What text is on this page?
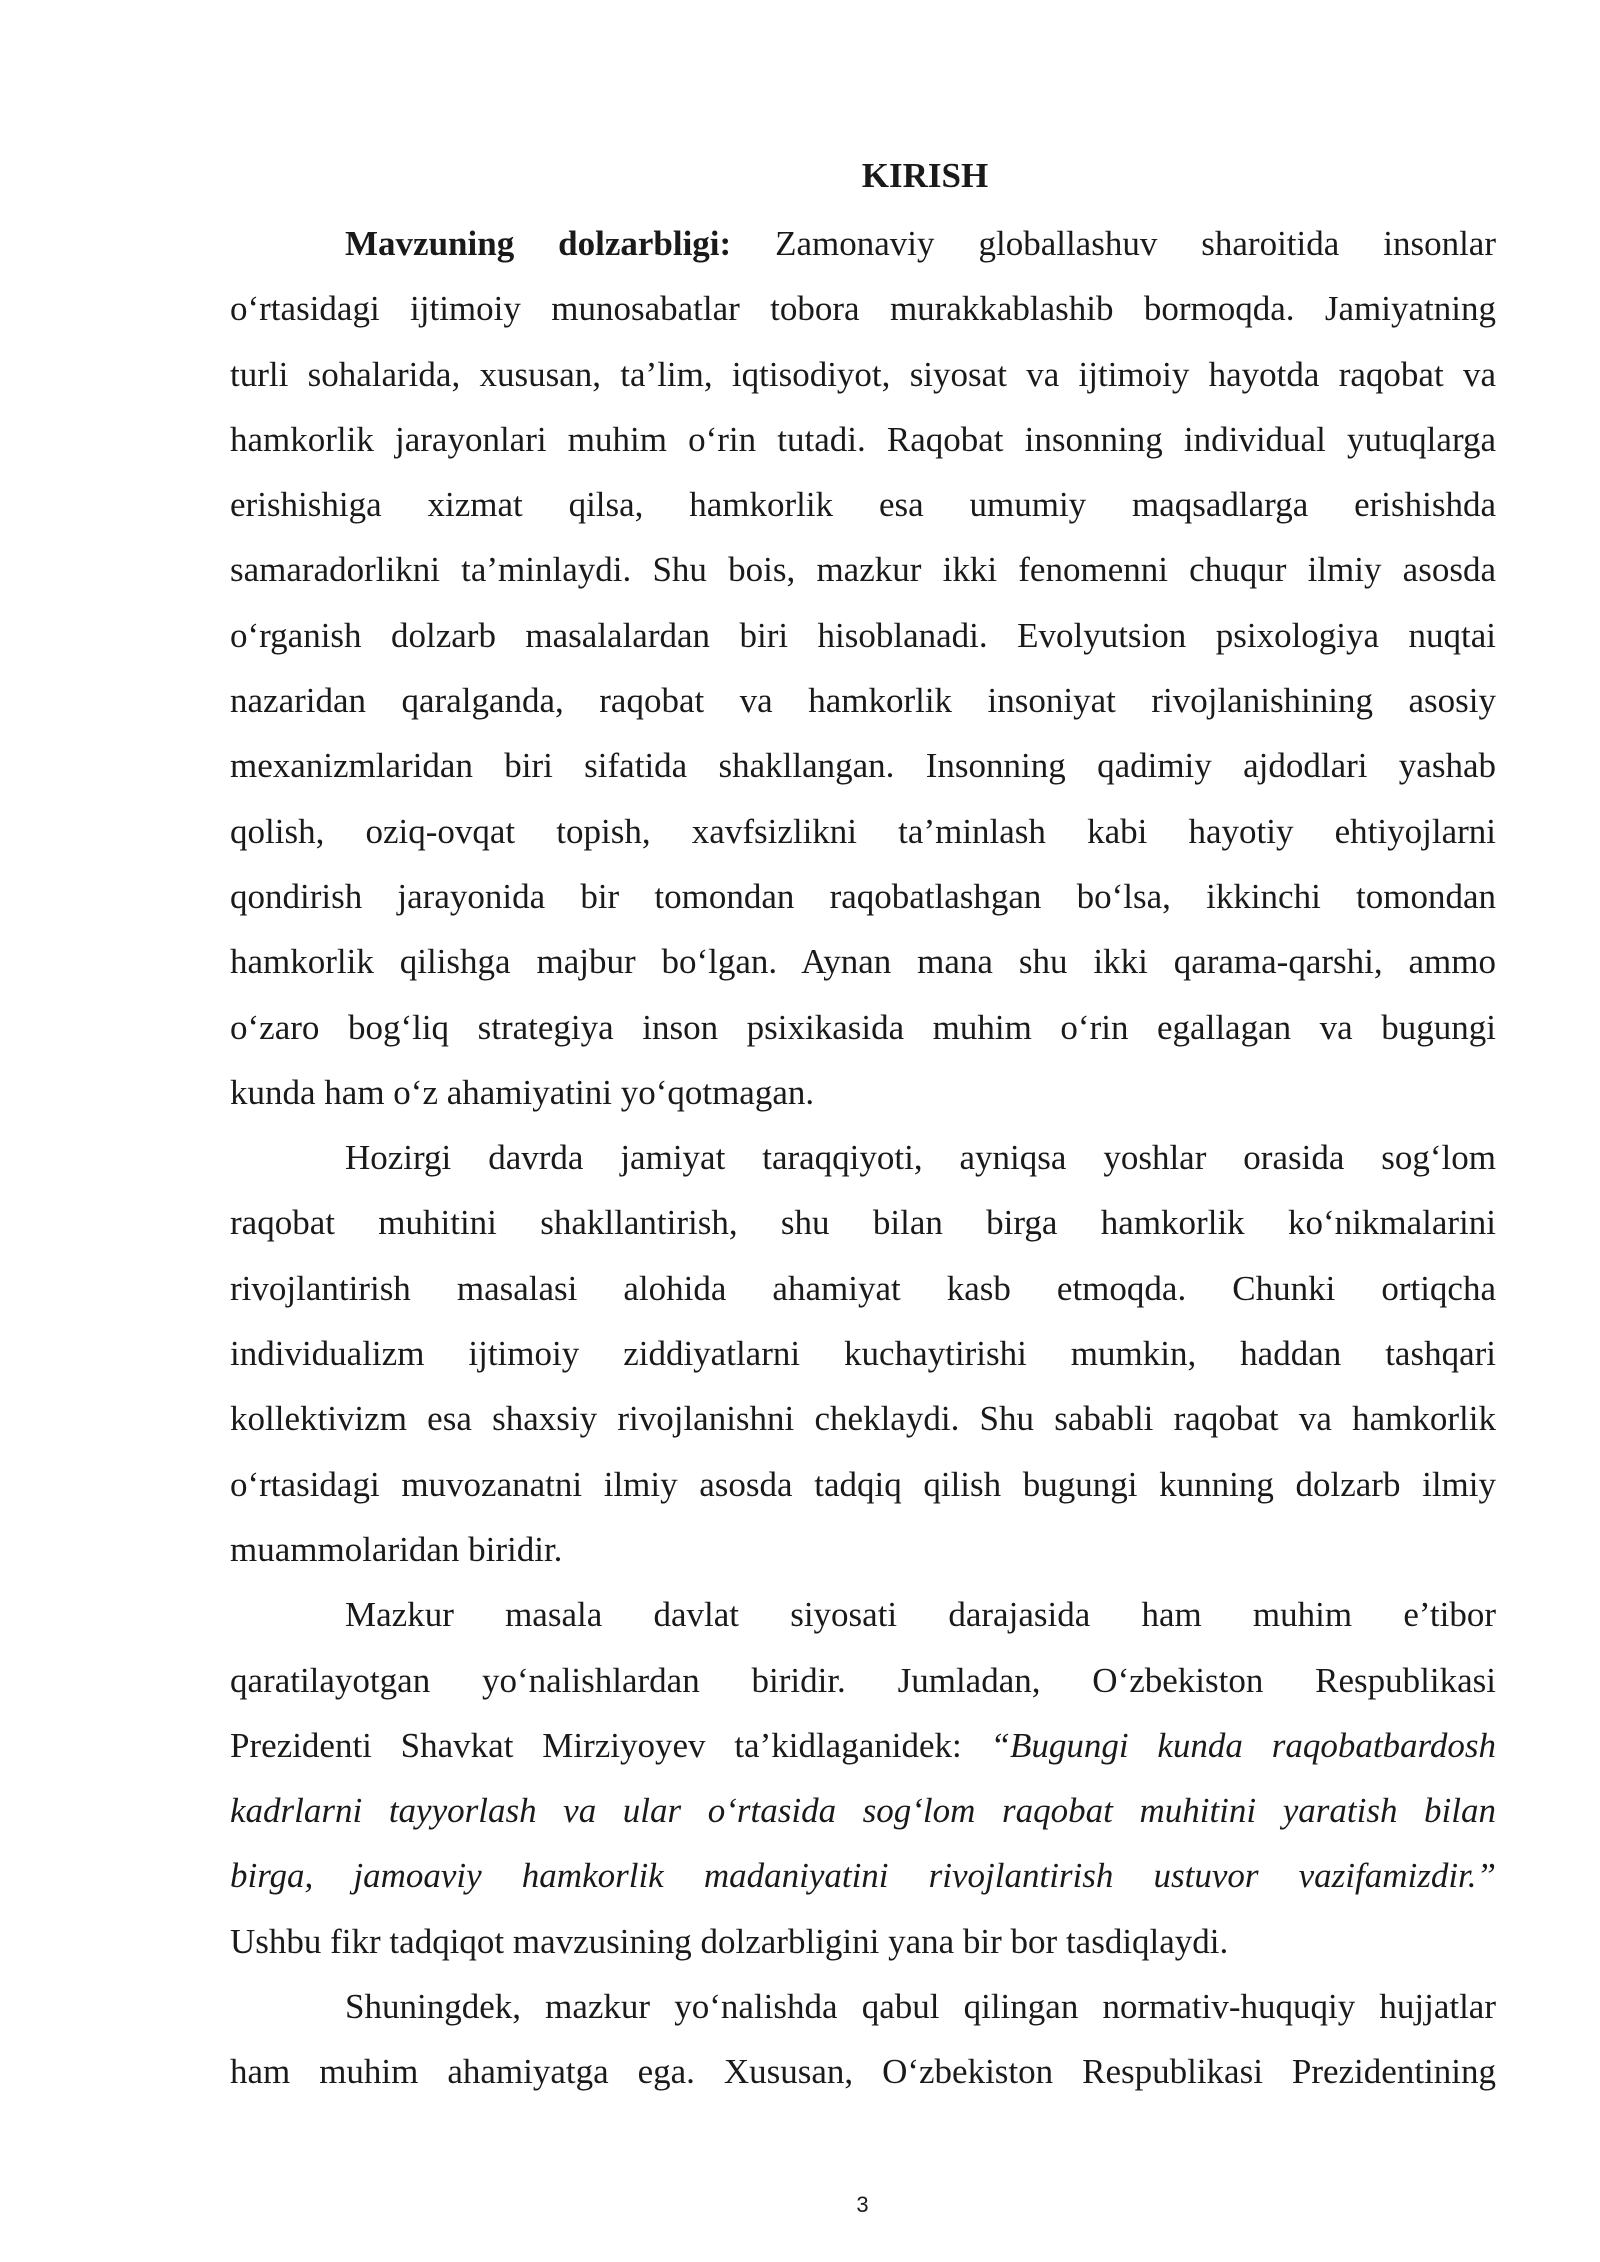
KIRISH
Mavzuning dolzarbligi: Zamonaviy globallashuv sharoitida insonlar
o‘rtasidagi ijtimoiy munosabatlar tobora murakkablashib bormoqda. Jamiyatning
turli sohalarida, xususan, ta’lim, iqtisodiyot, siyosat va ijtimoiy hayotda raqobat va
hamkorlik jarayonlari muhim o‘rin tutadi. Raqobat insonning individual yutuqlarga
erishishiga xizmat qilsa, hamkorlik esa umumiy maqsadlarga erishishda
samaradorlikni ta’minlaydi. Shu bois, mazkur ikki fenomenni chuqur ilmiy asosda
o‘rganish dolzarb masalalardan biri hisoblanadi. Evolyutsion psixologiya nuqtai
nazaridan qaralganda, raqobat va hamkorlik insoniyat rivojlanishining asosiy
mexanizmlaridan biri sifatida shakllangan. Insonning qadimiy ajdodlari yashab
qolish, oziq-ovqat topish, xavfsizlikni ta’minlash kabi hayotiy ehtiyojlarni
qondirish jarayonida bir tomondan raqobatlashgan bo‘lsa, ikkinchi tomondan
hamkorlik qilishga majbur bo‘lgan. Aynan mana shu ikki qarama-qarshi, ammo
o‘zaro bog‘liq strategiya inson psixikasida muhim o‘rin egallagan va bugungi
kunda ham o‘z ahamiyatini yo‘qotmagan.
Hozirgi davrda jamiyat taraqqiyoti, ayniqsa yoshlar orasida sog‘lom
raqobat muhitini shakllantirish, shu bilan birga hamkorlik ko‘nikmalarini
rivojlantirish masalasi alohida ahamiyat kasb etmoqda. Chunki ortiqcha
individualizm ijtimoiy ziddiyatlarni kuchaytirishi mumkin, haddan tashqari
kollektivizm esa shaxsiy rivojlanishni cheklaydi. Shu sababli raqobat va hamkorlik
o‘rtasidagi muvozanatni ilmiy asosda tadqiq qilish bugungi kunning dolzarb ilmiy
muammolaridan biridir.
Mazkur masala davlat siyosati darajasida ham muhim e’tibor
qaratilayotgan yo‘nalishlardan biridir. Jumladan, O‘zbekiston Respublikasi
Prezidenti Shavkat Mirziyoyev ta’kidlaganidek: “Bugungi kunda raqobatbardosh
kadrlarni tayyorlash va ular o‘rtasida sog‘lom raqobat muhitini yaratish bilan
birga, jamoaviy hamkorlik madaniyatini rivojlantirish ustuvor vazifamizdir.”
Ushbu fikr tadqiqot mavzusining dolzarbligini yana bir bor tasdiqlaydi.
Shuningdek, mazkur yo‘nalishda qabul qilingan normativ-huquqiy hujjatlar
ham muhim ahamiyatga ega. Xususan, O‘zbekiston Respublikasi Prezidentining
3
